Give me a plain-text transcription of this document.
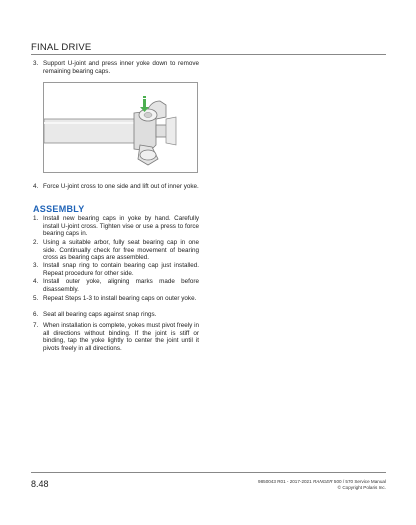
FINAL DRIVE
3. Support U-joint and press inner yoke down to remove remaining bearing caps.
4. Force U-joint cross to one side and lift out of inner yoke.
ASSEMBLY
1. Install new bearing caps in yoke by hand. Carefully install U-joint cross. Tighten vise or use a press to force bearing caps in.
2. Using a suitable arbor, fully seat bearing cap in one side. Continually check for free movement of bearing cross as bearing caps are assembled.
3. Install snap ring to contain bearing cap just installed. Repeat procedure for other side.
4. Install outer yoke, aligning marks made before disassembly.
5. Repeat Steps 1-3 to install bearing caps on outer yoke.
6. Seat all bearing caps against snap rings.
7. When installation is complete, yokes must pivot freely in all directions without binding. If the joint is stiff or binding, tap the yoke lightly to center the joint until it pivots freely in all directions.
8.48	9850043 R01 - 2017-2021 RANGER 500 / 570 Service Manual
© Copyright Polaris Inc.
